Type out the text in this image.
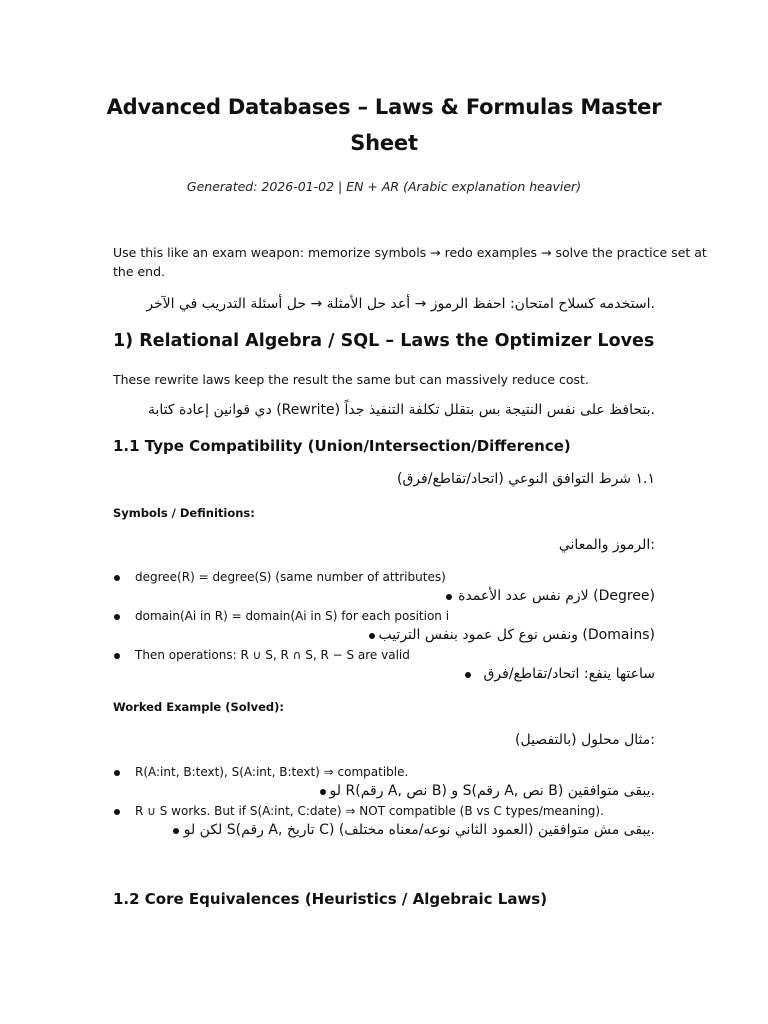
Advanced Databases – Laws & Formulas Master
Sheet
Generated: 2026-01-02 | EN + AR (Arabic explanation heavier)
Use this like an exam weapon: memorize symbols → redo examples → solve the practice set at
the end.
.استخدمه كسلاح امتحان: احفظ الرموز → أعد حل الأمثلة → حل أسئلة التدريب في الآخر
1) Relational Algebra / SQL – Laws the Optimizer Loves
These rewrite laws keep the result the same but can massively reduce cost.
.بتحافظ على نفس النتيجة بس بتقلل تكلفة التنفيذ جداً (Rewrite) دي قوانين إعادة كتابة
1.1 Type Compatibility (Union/Intersection/Difference)
١.١ شرط التوافق النوعي (اتحاد/تقاطع/فرق)
Symbols / Definitions:
:الرموز والمعاني
degree(R) = degree(S) (same number of attributes)
(Degree) لازم نفس عدد الأعمدة
domain(Ai in R) = domain(Ai in S) for each position i
(Domains) ونفس نوع كل عمود بنفس الترتيب
Then operations: R ∪ S, R ∩ S, R − S are valid
ساعتها ينفع: اتحاد/تقاطع/فرق
Worked Example (Solved):
:مثال محلول (بالتفصيل)
R(A:int, B:text), S(A:int, B:text) ⇒ compatible.
.يبقى متوافقين (B نص ,A رقم)S و (B نص ,A رقم)R لو
R ∪ S works. But if S(A:int, C:date) ⇒ NOT compatible (B vs C types/meaning).
.يبقى مش متوافقين (العمود الثاني نوعه/معناه مختلف) (C تاريخ ,A رقم)S لكن لو
1.2 Core Equivalences (Heuristics / Algebraic Laws)
